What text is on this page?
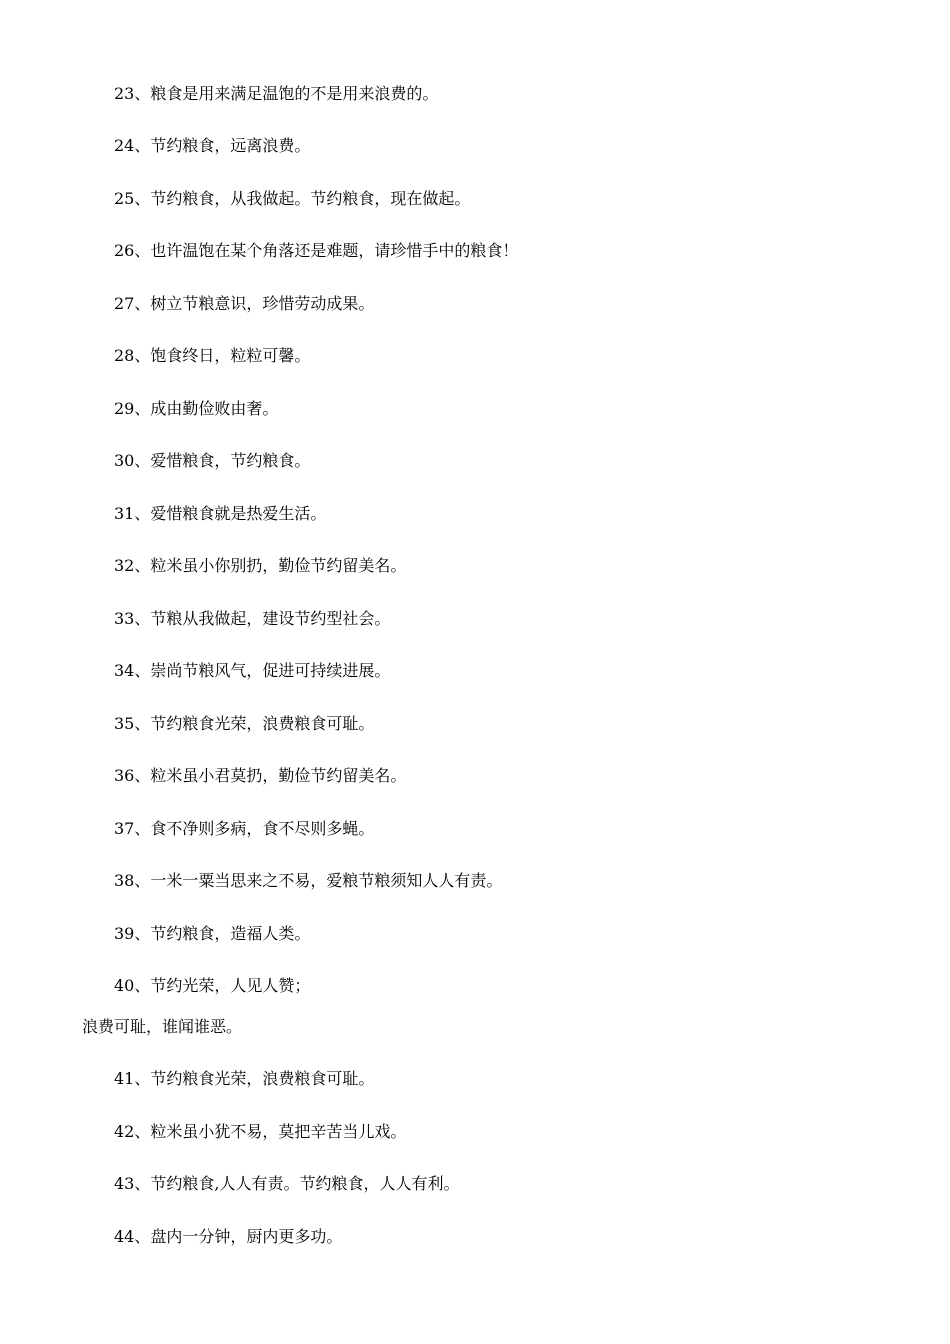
23、粮食是用来满足温饱的不是用来浪费的。
24、节约粮食，远离浪费。
25、节约粮食，从我做起。节约粮食，现在做起。
26、也许温饱在某个角落还是难题，请珍惜手中的粮食！
27、树立节粮意识，珍惜劳动成果。
28、饱食终日，粒粒可馨。
29、成由勤俭败由奢。
30、爱惜粮食，节约粮食。
31、爱惜粮食就是热爱生活。
32、粒米虽小你别扔，勤俭节约留美名。
33、节粮从我做起，建设节约型社会。
34、崇尚节粮风气，促进可持续进展。
35、节约粮食光荣，浪费粮食可耻。
36、粒米虽小君莫扔，勤俭节约留美名。
37、食不净则多病，食不尽则多蝇。
38、一米一粟当思来之不易，爱粮节粮须知人人有责。
39、节约粮食，造福人类。
40、节约光荣，人见人赞；
浪费可耻，谁闻谁恶。
41、节约粮食光荣，浪费粮食可耻。
42、粒米虽小犹不易，莫把辛苦当儿戏。
43、节约粮食,人人有责。节约粮食，人人有利。
44、盘内一分钟，厨内更多功。
